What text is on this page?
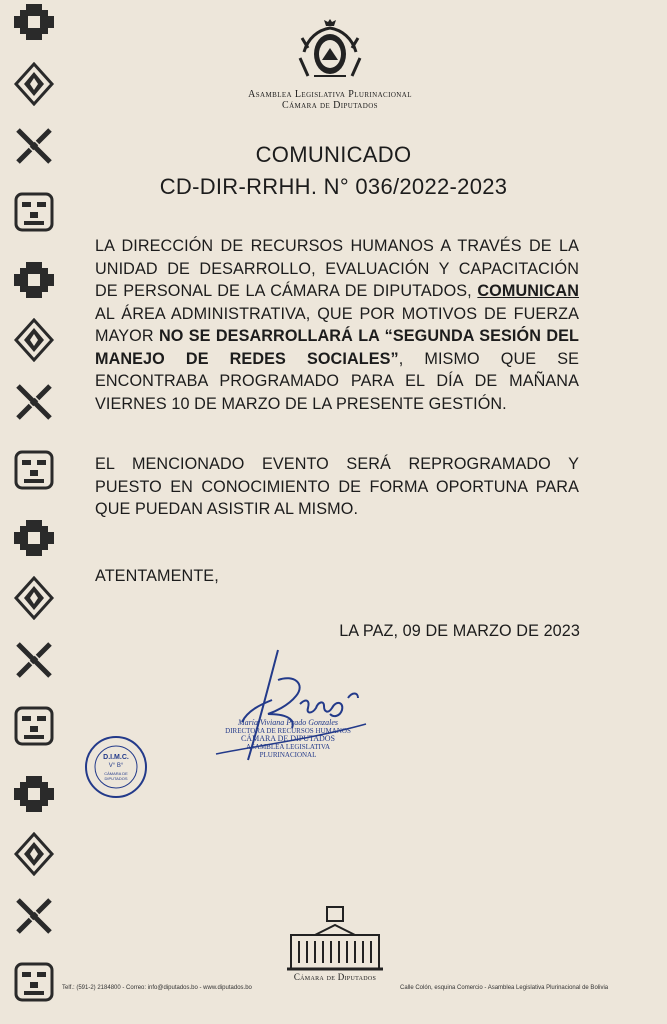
Asamblea Legislativa Plurinacional
Cámara de Diputados
COMUNICADO
CD-DIR-RRHH. N° 036/2022-2023
LA DIRECCIÓN DE RECURSOS HUMANOS A TRAVÉS DE LA UNIDAD DE DESARROLLO, EVALUACIÓN Y CAPACITACIÓN DE PERSONAL DE LA CÁMARA DE DIPUTADOS, COMUNICAN AL ÁREA ADMINISTRATIVA, QUE POR MOTIVOS DE FUERZA MAYOR NO SE DESARROLLARÁ LA “SEGUNDA SESIÓN DEL MANEJO DE REDES SOCIALES”, MISMO QUE SE ENCONTRABA PROGRAMADO PARA EL DÍA DE MAÑANA VIERNES 10 DE MARZO DE LA PRESENTE GESTIÓN.
EL MENCIONADO EVENTO SERÁ REPROGRAMADO Y PUESTO EN CONOCIMIENTO DE FORMA OPORTUNA PARA QUE PUEDAN ASISTIR AL MISMO.
ATENTAMENTE,
LA PAZ, 09 DE MARZO DE 2023
María Viviana Prado Gonzales
DIRECTORA DE RECURSOS HUMANOS
CÁMARA DE DIPUTADOS
ASAMBLEA LEGISLATIVA PLURINACIONAL
D.I.M.C.
V° B°
CÁMARA DE DIPUTADOS
Cámara de Diputados
Telf.: (591-2) 2184800 - Correo: info@diputados.bo - www.diputados.bo	Calle Colón, esquina Comercio - Asamblea Legislativa Plurinacional de Bolivia
